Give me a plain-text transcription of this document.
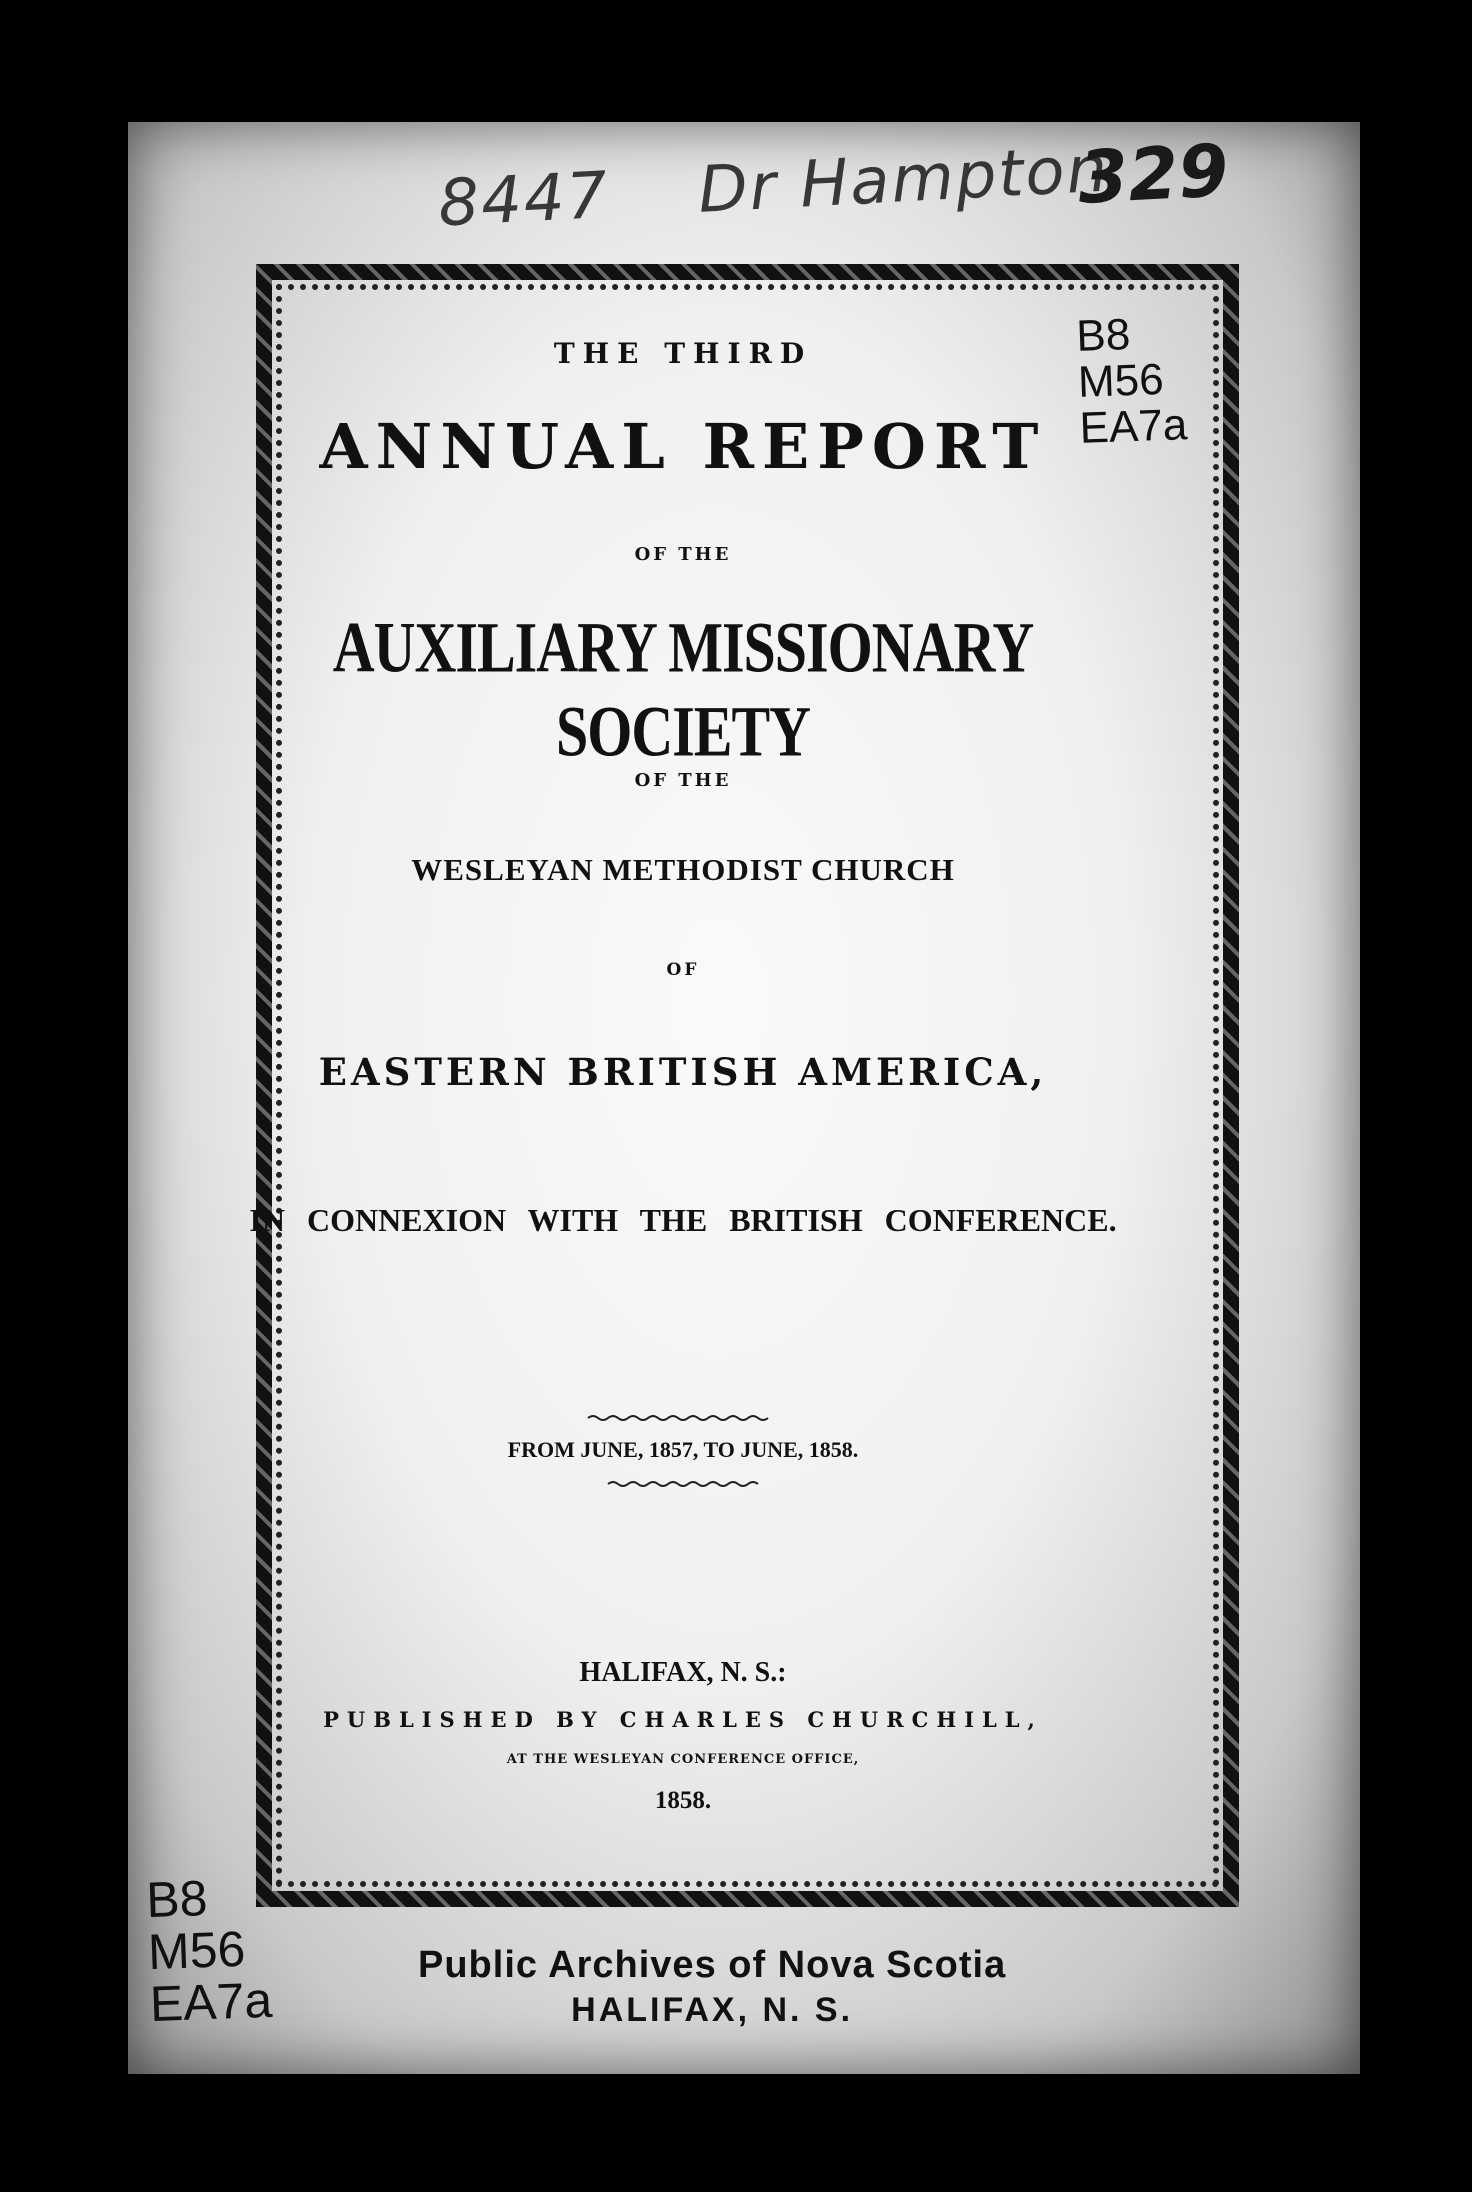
8447 Dr Hampton
329
B8
M56
EA7a
THE THIRD
ANNUAL REPORT
OF THE
AUXILIARY MISSIONARY SOCIETY
OF THE
WESLEYAN METHODIST CHURCH
OF
EASTERN BRITISH AMERICA,
IN CONNEXION WITH THE BRITISH CONFERENCE.
FROM JUNE, 1857, TO JUNE, 1858.
HALIFAX, N. S.:
PUBLISHED BY CHARLES CHURCHILL,
AT THE WESLEYAN CONFERENCE OFFICE,
1858.
B8
M56
EA7a
Public Archives of Nova Scotia
HALIFAX, N. S.
